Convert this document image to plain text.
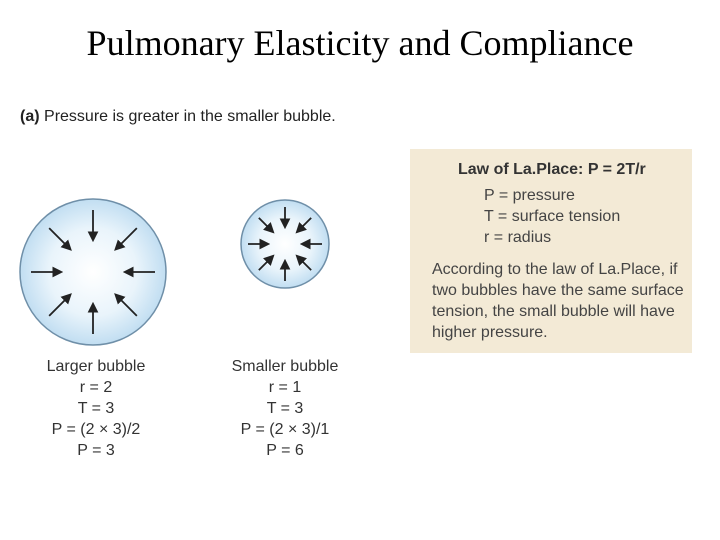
Pulmonary Elasticity and Compliance
(a) Pressure is greater in the smaller bubble.
Larger bubble
r = 2
T = 3
P = (2 × 3)/2
P = 3
Smaller bubble
r = 1
T = 3
P = (2 × 3)/1
P = 6
Law of La.Place: P = 2T/r
P = pressure
T = surface tension
r = radius
According to the law of La.Place, if two bubbles have the same surface tension, the small bubble will have higher pressure.
